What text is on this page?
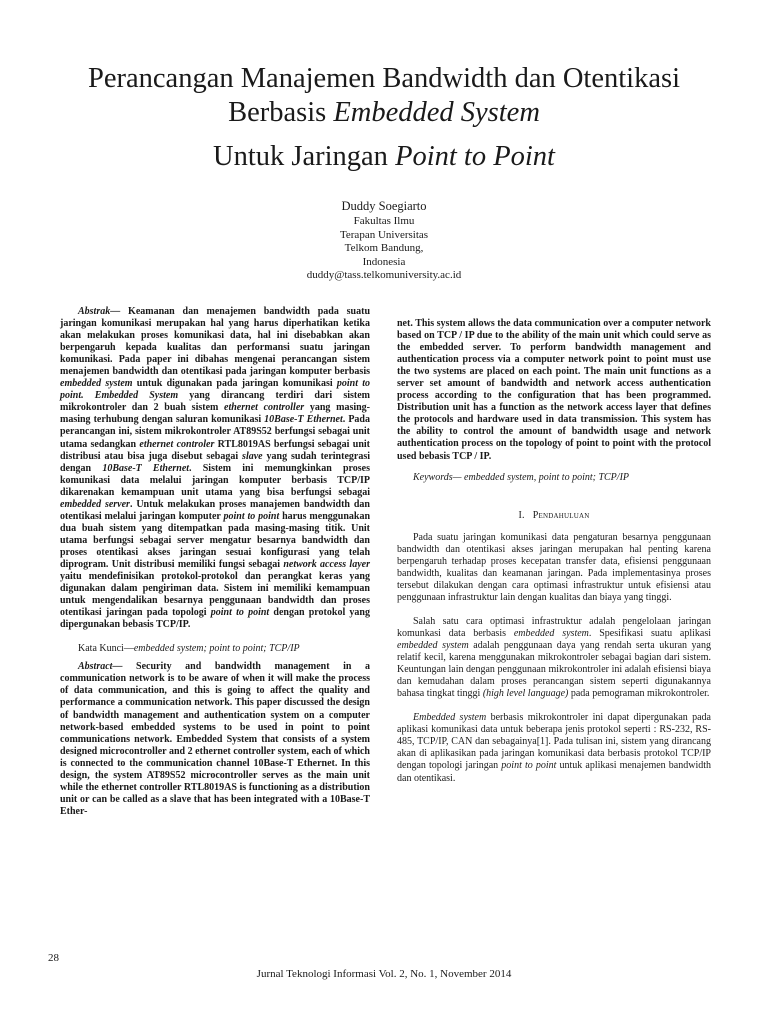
Perancangan Manajemen Bandwidth dan Otentikasi
Berbasis Embedded System
Untuk Jaringan Point to Point
Duddy Soegiarto
Fakultas Ilmu
Terapan Universitas
Telkom Bandung,
Indonesia
duddy@tass.telkomuniversity.ac.id

Abstrak— Keamanan dan menajemen bandwidth pada suatu jaringan komunikasi merupakan hal yang harus diperhatikan ketika akan melakukan proses komunikasi data, hal ini disebabkan akan berpengaruh kepada kualitas dan performansi suatu jaringan komunikasi. Pada paper ini dibahas mengenai perancangan sistem menajemen bandwidth dan otentikasi pada jaringan komputer berbasis embedded system untuk digunakan pada jaringan komunikasi point to point. Embedded System yang dirancang terdiri dari sistem mikrokontroler dan 2 buah sistem ethernet controller yang masing-masing terhubung dengan saluran komunikasi 10Base-T Ethernet. Pada perancangan ini, sistem mikrokontroler AT89S52 berfungsi sebagai unit utama sedangkan ethernet controler RTL8019AS berfungsi sebagai unit distribusi atau bisa juga disebut sebagai slave yang sudah terintegrasi dengan 10Base-T Ethernet. Sistem ini memungkinkan proses komunikasi data melalui jaringan komputer berbasis TCP/IP dikarenakan kemampuan unit utama yang bisa berfungsi sebagai embedded server. Untuk melakukan proses manajemen bandwidth dan otentikasi melalui jaringan komputer point to point harus menggunakan dua buah sistem yang ditempatkan pada masing-masing titik. Unit utama berfungsi sebagai server mengatur besarnya bandwidth dan proses otentikasi akses jaringan sesuai konfigurasi yang telah diprogram. Unit distribusi memiliki fungsi sebagai network access layer yaitu mendefinisikan protokol-protokol dan perangkat keras yang digunakan dalam pengiriman data. Sistem ini memiliki kemampuan untuk mengendalikan besarnya penggunaan bandwidth dan proses otentikasi jaringan pada topologi point to point dengan protokol yang dipergunakan bebasis TCP/IP.

Kata Kunci—embedded system; point to point; TCP/IP

Abstract— Security and bandwidth management in a communication network is to be aware of when it will make the process of data communication, and this is going to affect the quality and performance a communication network. This paper discussed the design of bandwidth management and authentication system on a computer network-based embedded systems to be used in point to point communications network. Embedded System that consists of a system designed microcontroller and 2 ethernet controller system, each of which is connected to the communication channel 10Base-T Ethernet. In this design, the system AT89S52 microcontroller serves as the main unit while the ethernet controller RTL8019AS is functioning as a distribution unit or can be called as a slave that has been integrated with a 10Base-T Ether-

net. This system allows the data communication over a computer network based on TCP / IP due to the ability of the main unit which could serve as the embedded server. To perform bandwidth management and authentication process via a computer network point to point must use the two systems are placed on each point. The main unit functions as a server set amount of bandwidth and network access authentication process according to the configuration that has been programmed. Distribution unit has a function as the network access layer that defines the protocols and hardware used in data transmission. This system has the ability to control the amount of bandwidth usage and network authentication process on the topology of point to point with the protocol used bebasis TCP / IP.

Keywords— embedded system, point to point; TCP/IP

I. Pendahuluan

Pada suatu jaringan komunikasi data pengaturan besarnya penggunaan bandwidth dan otentikasi akses jaringan merupakan hal penting karena berpengaruh terhadap proses kecepatan transfer data, efisiensi penggunaan bandwidth, kualitas dan keamanan jaringan. Pada implementasinya proses tersebut dilakukan dengan cara optimasi infrastruktur untuk efisiensi atau penggunaan infrastruktur lain dengan kualitas dan biaya yang tinggi.

Salah satu cara optimasi infrastruktur adalah pengelolaan jaringan komunkasi data berbasis embedded system. Spesifikasi suatu aplikasi embedded system adalah penggunaan daya yang rendah serta ukuran yang relatif kecil, karena menggunakan mikrokontroler sebagai bagian dari sistem. Keuntungan lain dengan penggunaan mikrokontroler ini adalah efisiensi biaya dan kemudahan dalam proses perancangan sistem seperti digunakannya bahasa tingkat tinggi (high level language) pada pemograman mikrokontroler.

Embedded system berbasis mikrokontroler ini dapat dipergunakan pada aplikasi komunikasi data untuk beberapa jenis protokol seperti : RS-232, RS-485, TCP/IP, CAN dan sebagainya[1]. Pada tulisan ini, sistem yang dirancang akan di aplikasikan pada jaringan komunikasi data berbasis protokol TCP/IP dengan topologi jaringan point to point untuk aplikasi menajemen bandwidth dan otentikasi.

28
Jurnal Teknologi Informasi Vol. 2, No. 1, November 2014
